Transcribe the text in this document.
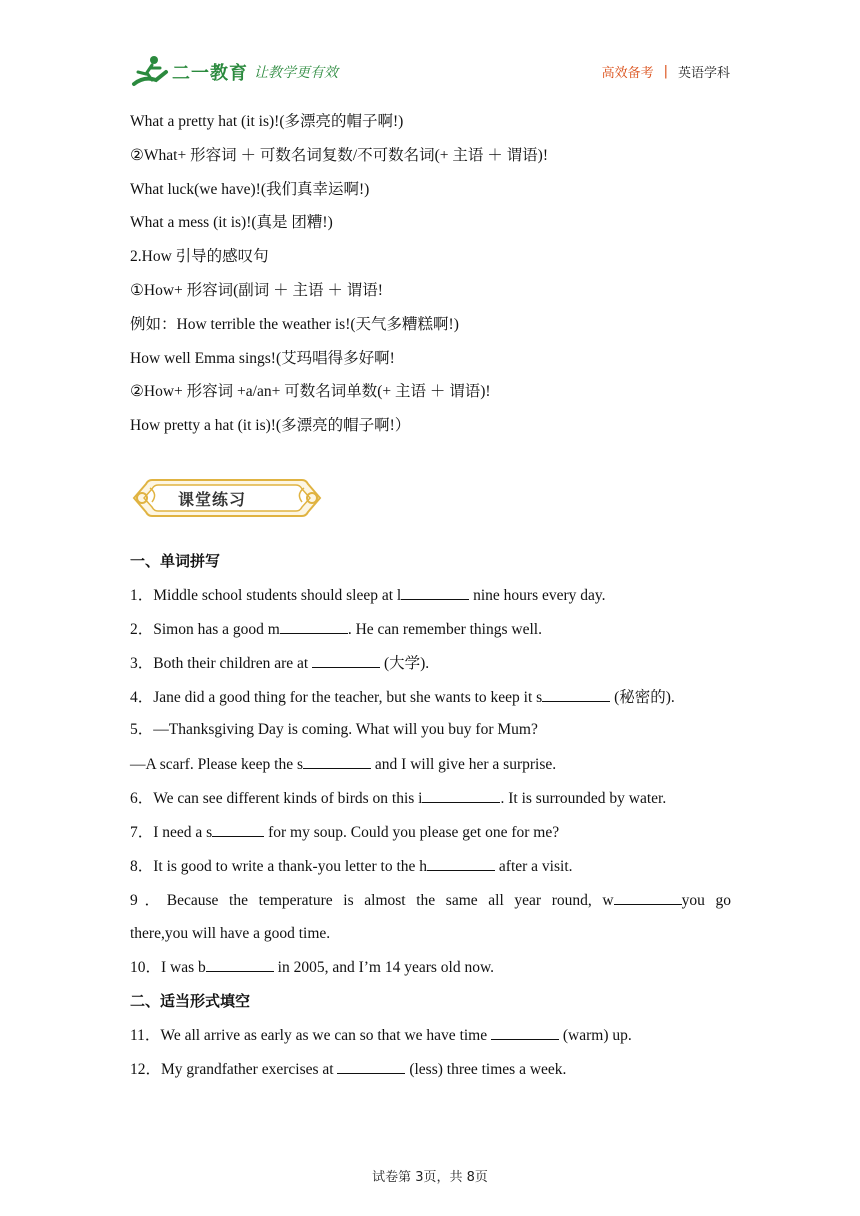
二一教育 让教学更有效	高效备考 | 英语学科
What a pretty hat (it is)!(多漂亮的帽子啊!)
②What+ 形容词 ＋ 可数名词复数/不可数名词(+ 主语 ＋ 谓语)!
What luck(we have)!(我们真幸运啊!)
What a mess (it is)!(真是 团糟!)
2.How 引导的感叹句
①How+ 形容词(副词 ＋ 主语 ＋ 谓语!
例如：How terrible the weather is!(天气多糟糕啊!)
How well Emma sings!(艾玛唱得多好啊!
②How+ 形容词 +a/an+ 可数名词单数(+ 主语 ＋ 谓语)!
How pretty a hat (it is)!(多漂亮的帽子啊!）
课堂练习
一、单词拼写
1．Middle school students should sleep at l	nine hours every day.
2．Simon has a good m	. He can remember things well.
3．Both their children are at	(大学).
4．Jane did a good thing for the teacher, but she wants to keep it s	(秘密的).
5．—Thanksgiving Day is coming. What will you buy for Mum?
—A scarf. Please keep the s	and I will give her a surprise.
6．We can see different kinds of birds on this i	. It is surrounded by water.
7．I need a s	for my soup. Could you please get one for me?
8．It is good to write a thank-you letter to the h	after a visit.
9．Because the temperature is almost the same all year round, w	you go
there,you will have a good time.
10．I was b	in 2005, and I’m 14 years old now.
二、适当形式填空
11．We all arrive as early as we can so that we have time	(warm) up.
12．My grandfather exercises at	(less) three times a week.
试卷第 3页，共 8页
